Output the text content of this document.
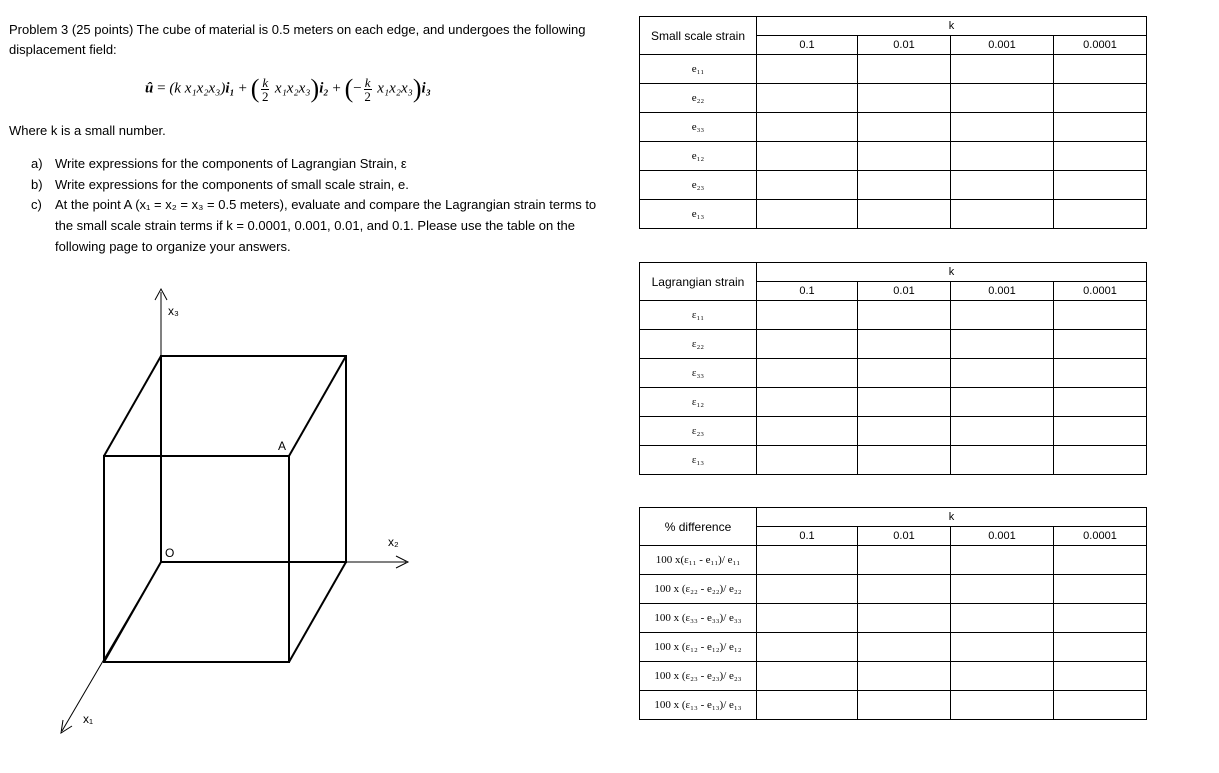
Problem 3 (25 points) The cube of material is 0.5 meters on each edge, and undergoes the following
displacement field:
û = (k x₁x₂x₃)i₁ + ( $\frac{k}{2} x_1x_2x_3)i_2$ + (− $\frac{k}{2} x_1x_2x_3)i_3$
Where k is a small number.
a) Write expressions for the components of Lagrangian Strain, ε
b) Write expressions for the components of small scale strain, e.
c) At the point A (x₁ = x₂ = x₃ = 0.5 meters), evaluate and compare the Lagrangian strain terms to
the small scale strain terms if k = 0.0001, 0.001, 0.01, and 0.1. Please use the table on the
following page to organize your answers.
x₃
x₂
x₁
O
A
Small scale strain	k			
	0.1	0.01	0.001	0.0001
e₁₁				
e₂₂				
e₃₃				
e₁₂				
e₂₃				
e₁₃				
Lagrangian strain	k			
	0.1	0.01	0.001	0.0001
ε₁₁				
ε₂₂				
ε₃₃				
ε₁₂				
ε₂₃				
ε₁₃				
% difference	k			
	0.1	0.01	0.001	0.0001
100 x(ε₁₁ - e₁₁)/ e₁₁				
100 x (ε₂₂ - e₂₂)/ e₂₂				
100 x (ε₃₃ - e₃₃)/ e₃₃				
100 x (ε₁₂ - e₁₂)/ e₁₂				
100 x (ε₂₃ - e₂₃)/ e₂₃				
100 x (ε₁₃ - e₁₃)/ e₁₃				
